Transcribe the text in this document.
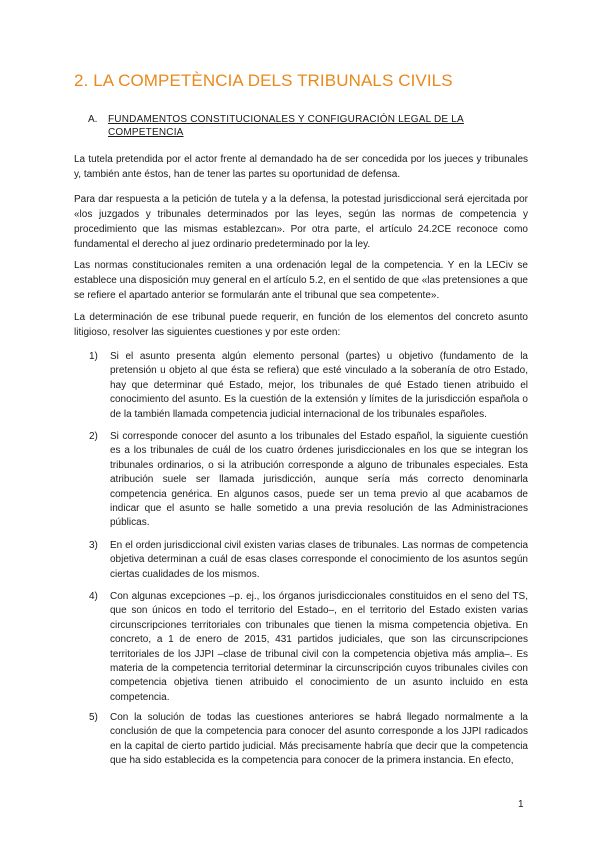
2. LA COMPETÈNCIA DELS TRIBUNALS CIVILS
A. FUNDAMENTOS CONSTITUCIONALES Y CONFIGURACIÓN LEGAL DE LA COMPETENCIA

La tutela pretendida por el actor frente al demandado ha de ser concedida por los jueces y tribunales y, también ante éstos, han de tener las partes su oportunidad de defensa.

Para dar respuesta a la petición de tutela y a la defensa, la potestad jurisdiccional será ejercitada por «los juzgados y tribunales determinados por las leyes, según las normas de competencia y procedimiento que las mismas establezcan». Por otra parte, el artículo 24.2CE reconoce como fundamental el derecho al juez ordinario predeterminado por la ley.

Las normas constitucionales remiten a una ordenación legal de la competencia. Y en la LECiv se establece una disposición muy general en el artículo 5.2, en el sentido de que «las pretensiones a que se refiere el apartado anterior se formularán ante el tribunal que sea competente».

La determinación de ese tribunal puede requerir, en función de los elementos del concreto asunto litigioso, resolver las siguientes cuestiones y por este orden:

1) Si el asunto presenta algún elemento personal (partes) u objetivo (fundamento de la pretensión u objeto al que ésta se refiera) que esté vinculado a la soberanía de otro Estado, hay que determinar qué Estado, mejor, los tribunales de qué Estado tienen atribuido el conocimiento del asunto. Es la cuestión de la extensión y límites de la jurisdicción española o de la también llamada competencia judicial internacional de los tribunales españoles.
2) Si corresponde conocer del asunto a los tribunales del Estado español, la siguiente cuestión es a los tribunales de cuál de los cuatro órdenes jurisdiccionales en los que se integran los tribunales ordinarios, o si la atribución corresponde a alguno de tribunales especiales. Esta atribución suele ser llamada jurisdicción, aunque sería más correcto denominarla competencia genérica. En algunos casos, puede ser un tema previo al que acabamos de indicar que el asunto se halle sometido a una previa resolución de las Administraciones públicas.
3) En el orden jurisdiccional civil existen varias clases de tribunales. Las normas de competencia objetiva determinan a cuál de esas clases corresponde el conocimiento de los asuntos según ciertas cualidades de los mismos.
4) Con algunas excepciones –p. ej., los órganos jurisdiccionales constituidos en el seno del TS, que son únicos en todo el territorio del Estado–, en el territorio del Estado existen varias circunscripciones territoriales con tribunales que tienen la misma competencia objetiva. En concreto, a 1 de enero de 2015, 431 partidos judiciales, que son las circunscripciones territoriales de los JJPI –clase de tribunal civil con la competencia objetiva más amplia–. Es materia de la competencia territorial determinar la circunscripción cuyos tribunales civiles con competencia objetiva tienen atribuido el conocimiento de un asunto incluido en esta competencia.
5) Con la solución de todas las cuestiones anteriores se habrá llegado normalmente a la conclusión de que la competencia para conocer del asunto corresponde a los JJPI radicados en la capital de cierto partido judicial. Más precisamente habría que decir que la competencia que ha sido establecida es la competencia para conocer de la primera instancia. En efecto,
1
